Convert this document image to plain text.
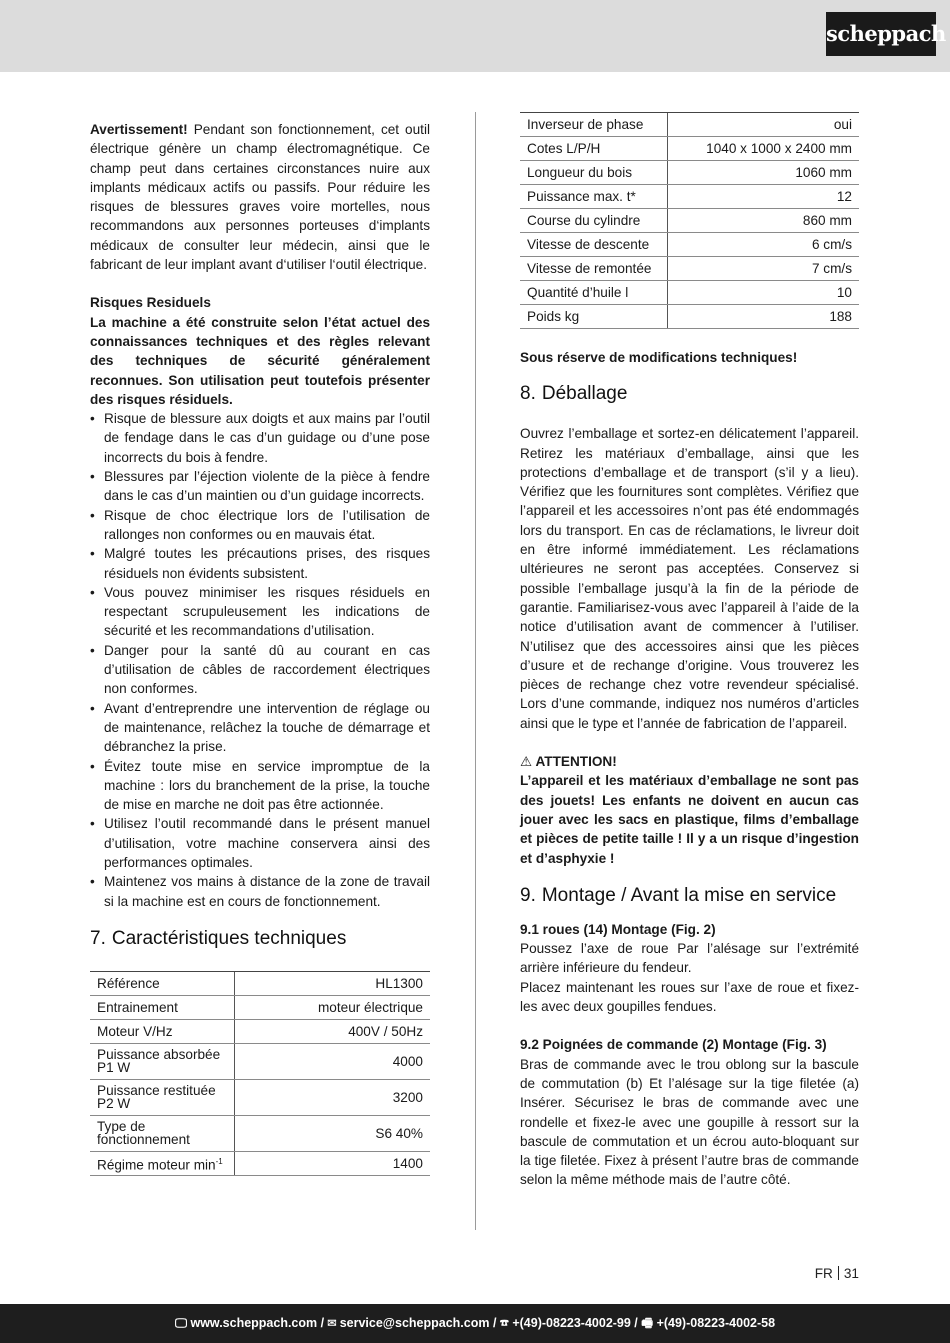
scheppach

Avertissement! Pendant son fonctionnement, cet outil électrique génère un champ électromagnétique. Ce champ peut dans certaines circonstances nuire aux implants médicaux actifs ou passifs. Pour réduire les risques de blessures graves voire mortelles, nous recommandons aux personnes porteuses d‘implants médicaux de consulter leur médecin, ainsi que le fabricant de leur implant avant d‘utiliser l‘outil électrique.

Risques Residuels

La machine a été construite selon l’état actuel des connaissances techniques et des règles relevant des techniques de sécurité généralement reconnues. Son utilisation peut toutefois présenter des risques résiduels.

• Risque de blessure aux doigts et aux mains par l’outil de fendage dans le cas d’un guidage ou d’une pose incorrects du bois à fendre.
• Blessures par l’éjection violente de la pièce à fendre dans le cas d’un maintien ou d’un guidage incorrects.
• Risque de choc électrique lors de l’utilisation de rallonges non conformes ou en mauvais état.
• Malgré toutes les précautions prises, des risques résiduels non évidents subsistent.
• Vous pouvez minimiser les risques résiduels en respectant scrupuleusement les indications de sécurité et les recommandations d’utilisation.
• Danger pour la santé dû au courant en cas d’utilisation de câbles de raccordement électriques non conformes.
• Avant d’entreprendre une intervention de réglage ou de maintenance, relâchez la touche de démarrage et débranchez la prise.
• Évitez toute mise en service impromptue de la machine : lors du branchement de la prise, la touche de mise en marche ne doit pas être actionnée.
• Utilisez l’outil recommandé dans le présent manuel d’utilisation, votre machine conservera ainsi des performances optimales.
• Maintenez vos mains à distance de la zone de travail si la machine est en cours de fonctionnement.
7. Caractéristiques techniques
Référence	HL1300
Entrainement	moteur électrique
Moteur V/Hz	400V / 50Hz
Puissance absorbée P1 W	4000
Puissance restituée P2 W	3200
Type de fonctionnement	S6 40%
Régime moteur $\min^{-1}$	1400
Inverseur de phase	oui
Cotes L/P/H	1040 x 1000 x 2400 mm
Longueur du bois	1060 mm
Puissance max. t*	12
Course du cylindre	860 mm
Vitesse de descente	6 cm/s
Vitesse de remontée	7 cm/s
Quantité d’huile l	10
Poids kg	188

Sous réserve de modifications techniques!

8. Déballage

Ouvrez l’emballage et sortez-en délicatement l’appareil. Retirez les matériaux d’emballage, ainsi que les protections d’emballage et de transport (s’il y a lieu). Vérifiez que les fournitures sont complètes. Vérifiez que l’appareil et les accessoires n’ont pas été endommagés lors du transport. En cas de réclamations, le livreur doit en être informé immédiatement. Les réclamations ultérieures ne seront pas acceptées. Conservez si possible l’emballage jusqu’à la fin de la période de garantie. Familiarisez-vous avec l’appareil à l’aide de la notice d’utilisation avant de commencer à l’utiliser. N’utilisez que des accessoires ainsi que les pièces d’usure et de rechange d’origine. Vous trouverez les pièces de rechange chez votre revendeur spécialisé. Lors d’une commande, indiquez nos numéros d’articles ainsi que le type et l’année de fabrication de l’appareil.

⚠ ATTENTION!

L’appareil et les matériaux d’emballage ne sont pas des jouets! Les enfants ne doivent en aucun cas jouer avec les sacs en plastique, films d’emballage et pièces de petite taille ! Il y a un risque d’ingestion et d’asphyxie !

9. Montage / Avant la mise en service

9.1 roues (14) Montage (Fig. 2)

Poussez l’axe de roue Par l’alésage sur l’extrémité arrière inférieure du fendeur.

Placez maintenant les roues sur l’axe de roue et fixez-les avec deux goupilles fendues.

9.2 Poignées de commande (2) Montage (Fig. 3)

Bras de commande avec le trou oblong sur la bascule de commutation (b) Et l’alésage sur la tige filetée (a) Insérer. Sécurisez le bras de commande avec une rondelle et fixez-le avec une goupille à ressort sur la bascule de commutation et un écrou auto-bloquant sur la tige filetée. Fixez à présent l’autre bras de commande selon la même méthode mais de l’autre côté.

FR 31
🖵 www.scheppach.com / ✉ service@scheppach.com / ☎ +(49)-08223-4002-99 / 🖷 +(49)-08223-4002-58
